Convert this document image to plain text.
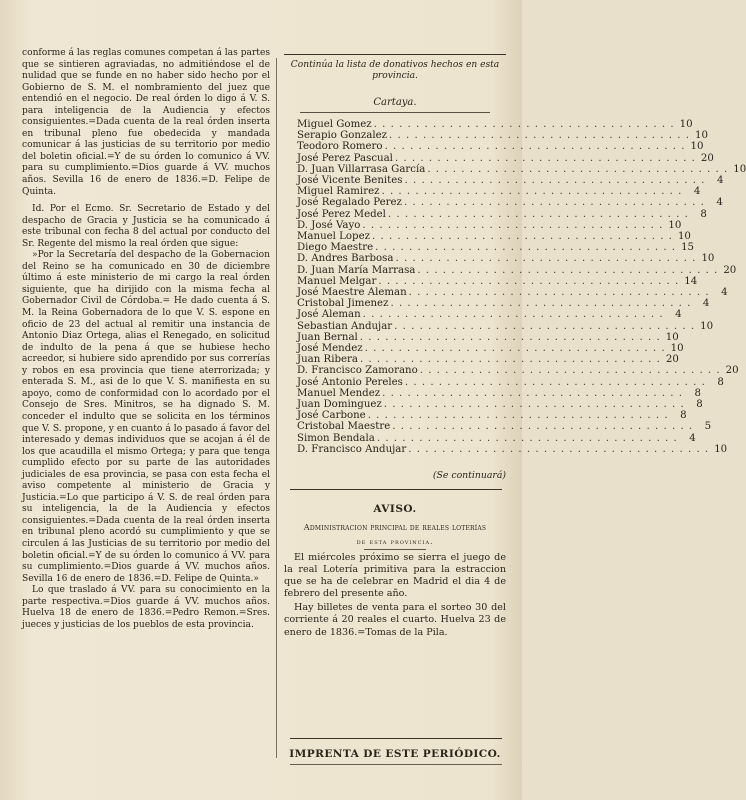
conforme á las reglas comunes competan á las partes que se sintieren agraviadas, no admitiéndose el de nulidad que se funde en no haber sido hecho por el Gobierno de S. M. el nombramiento del juez que entendió en el negocio. De real órden lo digo á V. S. para inteligencia de la Audiencia y efectos consiguientes.=Dada cuenta de la real órden inserta en tribunal pleno fue obedecida y mandada comunicar á las justicias de su territorio por medio del boletin oficial.=Y de su órden lo comunico á VV. para su cumplimiento.=Dios guarde á VV. muchos años. Sevilla 16 de enero de 1836.=D. Felipe de Quinta.

Id. Por el Ecmo. Sr. Secretario de Estado y del despacho de Gracia y Justicia se ha comunicado á este tribunal con fecha 8 del actual por conducto del Sr. Regente del mismo la real órden que sigue:

»Por la Secretaría del despacho de la Gobernacion del Reino se ha comunicado en 30 de diciembre último á este ministerio de mi cargo la real órden siguiente, que ha dirijido con la misma fecha al Gobernador Civil de Córdoba.= He dado cuenta á S. M. la Reina Gobernadora de lo que V. S. espone en oficio de 23 del actual al remitir una instancia de Antonio Diaz Ortega, alias el Renegado, en solicitud de indulto de la pena á que se hubiese hecho acreedor, si hubiere sido aprendido por sus correrías y robos en esa provincia que tiene aterrorizada; y enterada S. M., asi de lo que V. S. manifiesta en su apoyo, como de conformidad con lo acordado por el Consejo de Sres. Minitros, se ha dignado S. M. conceder el indulto que se solicita en los términos que V. S. propone, y en cuanto á lo pasado á favor del interesado y demas individuos que se acojan á él de los que acaudilla el mismo Ortega; y para que tenga cumplido efecto por su parte de las autoridades judiciales de esa provincia, se pasa con esta fecha el aviso competente al ministerio de Gracia y Justicia.=Lo que participo á V. S. de real órden para su inteligencia, la de la Audiencia y efectos consiguientes.=Dada cuenta de la real órden inserta en tribunal pleno acordó su cumplimiento y que se circulen á las Justicias de su territorio por medio del boletin oficial.=Y de su órden lo comunico á VV. para su cumplimiento.=Dios guarde á VV. muchos años. Sevilla 16 de enero de 1836.=D. Felipe de Quinta.»

Lo que traslado á VV. para su conocimiento en la parte respectiva.=Dios guarde á VV. muchos años. Huelva 18 de enero de 1836.=Pedro Remon.=Sres. jueces y justicias de los pueblos de esta provincia.

Continúa la lista de donativos hechos en esta provincia.
Cartaya.
Miguel Gomez . . . . . . . . . . . . . . . . . . . . . . . . . . . . . . . . . . . . 10
Serapio Gonzalez . . . . . . . . . . . . . . . . . . . . . . . . . . . . . . . . . . . . 10
Teodoro Romero . . . . . . . . . . . . . . . . . . . . . . . . . . . . . . . . . . . . 10
José Perez Pascual . . . . . . . . . . . . . . . . . . . . . . . . . . . . . . . . . . . . 20
D. Juan Villarrasa García . . . . . . . . . . . . . . . . . . . . . . . . . . . . . . . . . . . . 10
José Vicente Benites . . . . . . . . . . . . . . . . . . . . . . . . . . . . . . . . . . . .	4
Miguel Ramirez . . . . . . . . . . . . . . . . . . . . . . . . . . . . . . . . . . . .	4
José Regalado Perez . . . . . . . . . . . . . . . . . . . . . . . . . . . . . . . . . . . .	4
José Perez Medel . . . . . . . . . . . . . . . . . . . . . . . . . . . . . . . . . . . .	8
D. José Vayo . . . . . . . . . . . . . . . . . . . . . . . . . . . . . . . . . . . . 10
Manuel Lopez . . . . . . . . . . . . . . . . . . . . . . . . . . . . . . . . . . . . 10
Diego Maestre . . . . . . . . . . . . . . . . . . . . . . . . . . . . . . . . . . . . 15
D. Andres Barbosa . . . . . . . . . . . . . . . . . . . . . . . . . . . . . . . . . . . . 10
D. Juan María Marrasa . . . . . . . . . . . . . . . . . . . . . . . . . . . . . . . . . . . . 20
Manuel Melgar . . . . . . . . . . . . . . . . . . . . . . . . . . . . . . . . . . . . 14
José Maestre Aleman . . . . . . . . . . . . . . . . . . . . . . . . . . . . . . . . . . . .	4
Cristobal Jimenez . . . . . . . . . . . . . . . . . . . . . . . . . . . . . . . . . . . .	4
José Aleman . . . . . . . . . . . . . . . . . . . . . . . . . . . . . . . . . . . .	4
Sebastian Andujar . . . . . . . . . . . . . . . . . . . . . . . . . . . . . . . . . . . . 10
Juan Bernal . . . . . . . . . . . . . . . . . . . . . . . . . . . . . . . . . . . . 10
José Mendez . . . . . . . . . . . . . . . . . . . . . . . . . . . . . . . . . . . . 10
Juan Ribera . . . . . . . . . . . . . . . . . . . . . . . . . . . . . . . . . . . . 20
D. Francisco Zamorano . . . . . . . . . . . . . . . . . . . . . . . . . . . . . . . . . . . . 20
José Antonio Pereles . . . . . . . . . . . . . . . . . . . . . . . . . . . . . . . . . . . .	8
Manuel Mendez . . . . . . . . . . . . . . . . . . . . . . . . . . . . . . . . . . . .	8
Juan Dominguez . . . . . . . . . . . . . . . . . . . . . . . . . . . . . . . . . . . .	8
José Carbone . . . . . . . . . . . . . . . . . . . . . . . . . . . . . . . . . . . .	8
Cristobal Maestre . . . . . . . . . . . . . . . . . . . . . . . . . . . . . . . . . . . .	5
Simon Bendala . . . . . . . . . . . . . . . . . . . . . . . . . . . . . . . . . . . .	4
D. Francisco Andujar . . . . . . . . . . . . . . . . . . . . . . . . . . . . . . . . . . . . 10
(Se continuará)
AVISO.
Administracion principal de reales loterías
de esta provincia.

El miércoles próximo se sierra el juego de la real Lotería primitiva para la estraccion que se ha de celebrar en Madrid el dia 4 de febrero del presente año.

Hay billetes de venta para el sorteo 30 del corriente á 20 reales el cuarto. Huelva 23 de enero de 1836.=Tomas de la Pila.

IMPRENTA DE ESTE PERIÓDICO.
